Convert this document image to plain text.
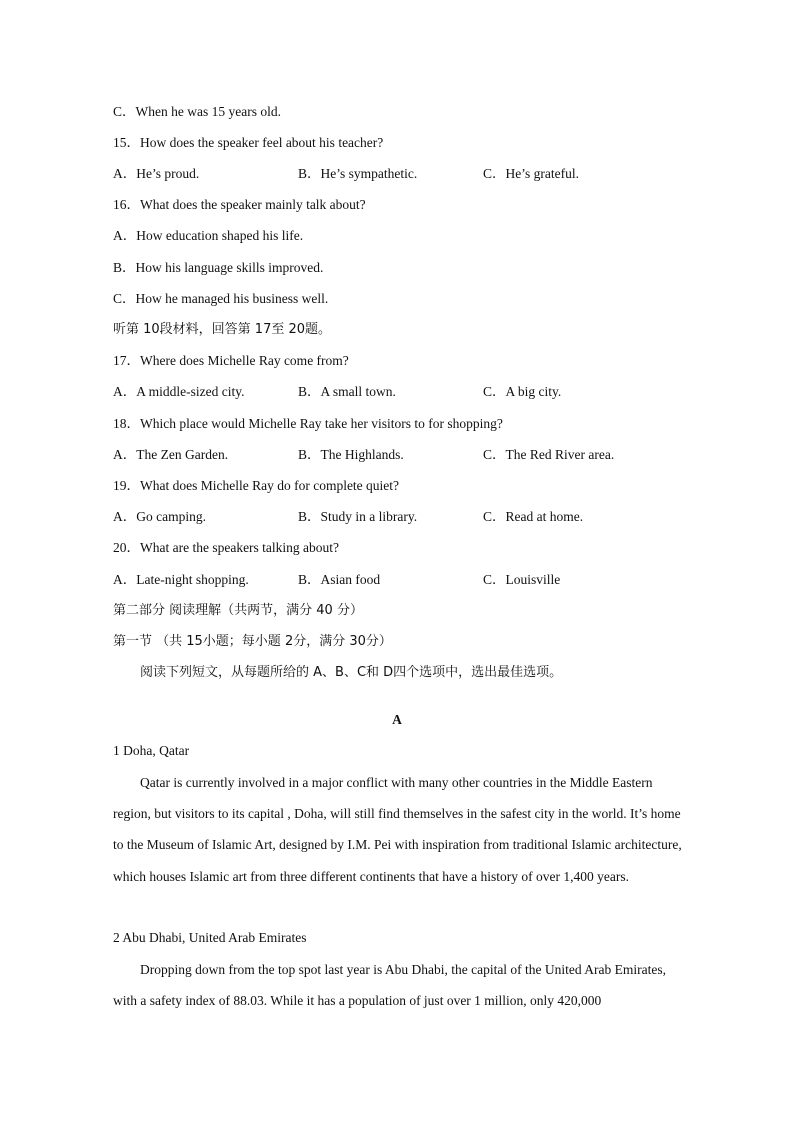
C．When he was 15 years old.
15．How does the speaker feel about his teacher?
A．He’s proud.	B．He’s sympathetic.	C．He’s grateful.
16．What does the speaker mainly talk about?
A．How education shaped his life.
B．How his language skills improved.
C．How he managed his business well.
听第 10段材料，回答第 17至 20题。
17．Where does Michelle Ray come from?
A．A middle-sized city.	B．A small town.	C．A big city.
18．Which place would Michelle Ray take her visitors to for shopping?
A．The Zen Garden.	B．The Highlands.	C．The Red River area.
19．What does Michelle Ray do for complete quiet?
A．Go camping.	B．Study in a library.	C．Read at home.
20．What are the speakers talking about?
A．Late-night shopping.	B．Asian food	C．Louisville
第二部分 阅读理解（共两节，满分 40 分）
第一节 （共 15小题；每小题 2分，满分 30分）
阅读下列短文，从每题所给的 A、B、C和 D四个选项中，选出最佳选项。
A
1 Doha, Qatar

Qatar is currently involved in a major conflict with many other countries in the Middle Eastern region, but visitors to its capital , Doha, will still find themselves in the safest city in the world. It’s home to the Museum of Islamic Art, designed by I.M. Pei with inspiration from traditional Islamic architecture, which houses Islamic art from three different continents that have a history of over 1,400 years.

2 Abu Dhabi, United Arab Emirates

Dropping down from the top spot last year is Abu Dhabi, the capital of the United Arab Emirates, with a safety index of 88.03. While it has a population of just over 1 million, only 420,000
